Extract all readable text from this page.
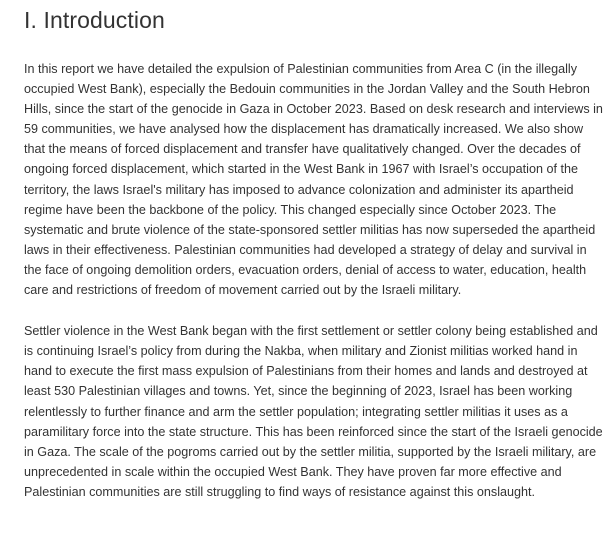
I. Introduction

In this report we have detailed the expulsion of Palestinian communities from Area C (in the illegally occupied West Bank), especially the Bedouin communities in the Jordan Valley and the South Hebron Hills, since the start of the genocide in Gaza in October 2023. Based on desk research and interviews in 59 communities, we have analysed how the displacement has dramatically increased. We also show that the means of forced displacement and transfer have qualitatively changed. Over the decades of ongoing forced displacement, which started in the West Bank in 1967 with Israel’s occupation of the territory, the laws Israel's military has imposed to advance colonization and administer its apartheid regime have been the backbone of the policy. This changed especially since October 2023. The systematic and brute violence of the state-sponsored settler militias has now superseded the apartheid laws in their effectiveness. Palestinian communities had developed a strategy of delay and survival in the face of ongoing demolition orders, evacuation orders, denial of access to water, education, health care and restrictions of freedom of movement carried out by the Israeli military.

Settler violence in the West Bank began with the first settlement or settler colony being established and is continuing Israel’s policy from during the Nakba, when military and Zionist militias worked hand in hand to execute the first mass expulsion of Palestinians from their homes and lands and destroyed at least 530 Palestinian villages and towns. Yet, since the beginning of 2023, Israel has been working relentlessly to further finance and arm the settler population; integrating settler militias it uses as a paramilitary force into the state structure. This has been reinforced since the start of the Israeli genocide in Gaza. The scale of the pogroms carried out by the settler militia, supported by the Israeli military, are unprecedented in scale within the occupied West Bank. They have proven far more effective and Palestinian communities are still struggling to find ways of resistance against this onslaught.
